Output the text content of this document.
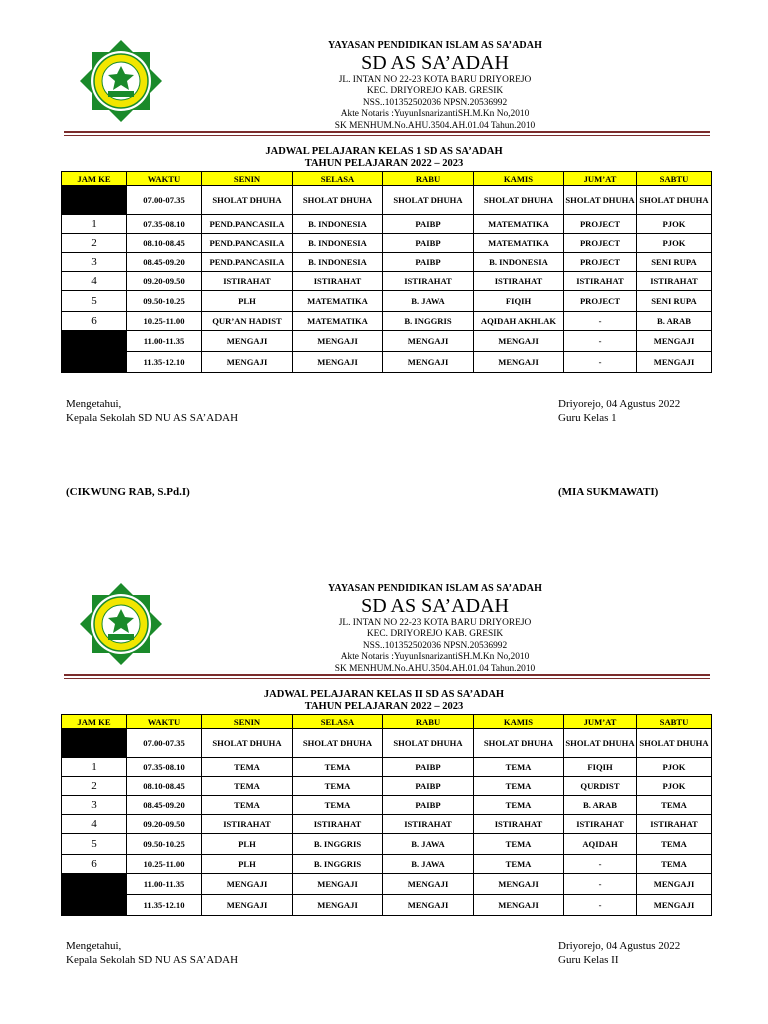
YAYASAN PENDIDIKAN ISLAM AS SA’ADAH
SD AS SA’ADAH
JL. INTAN NO 22-23 KOTA BARU DRIYOREJO
KEC. DRIYOREJO KAB. GRESIK
NSS..101352502036 NPSN.20536992
Akte Notaris :YuyunIsnarizantiSH.M.Kn No,2010
SK MENHUM.No.AHU.3504.AH.01.04 Tahun.2010
JADWAL PELAJARAN KELAS 1 SD AS SA’ADAH
TAHUN PELAJARAN 2022 – 2023
JAM KE	WAKTU	SENIN	SELASA	RABU	KAMIS	JUM’AT	SABTU
	07.00-07.35	SHOLAT DHUHA	SHOLAT DHUHA	SHOLAT DHUHA	SHOLAT DHUHA	SHOLAT DHUHA	SHOLAT DHUHA
1	07.35-08.10	PEND.PANCASILA	B. INDONESIA	PAIBP	MATEMATIKA	PROJECT	PJOK
2	08.10-08.45	PEND.PANCASILA	B. INDONESIA	PAIBP	MATEMATIKA	PROJECT	PJOK
3	08.45-09.20	PEND.PANCASILA	B. INDONESIA	PAIBP	B. INDONESIA	PROJECT	SENI RUPA
4	09.20-09.50	ISTIRAHAT	ISTIRAHAT	ISTIRAHAT	ISTIRAHAT	ISTIRAHAT	ISTIRAHAT
5	09.50-10.25	PLH	MATEMATIKA	B. JAWA	FIQIH	PROJECT	SENI RUPA
6	10.25-11.00	QUR’AN HADIST	MATEMATIKA	B. INGGRIS	AQIDAH AKHLAK	-	B. ARAB
	11.00-11.35	MENGAJI	MENGAJI	MENGAJI	MENGAJI	-	MENGAJI
	11.35-12.10	MENGAJI	MENGAJI	MENGAJI	MENGAJI	-	MENGAJI
Mengetahui,
Kepala Sekolah SD NU AS SA’ADAH
Driyorejo, 04 Agustus 2022
Guru Kelas 1
(CIKWUNG RAB, S.Pd.I)	(MIA SUKMAWATI)
YAYASAN PENDIDIKAN ISLAM AS SA’ADAH
SD AS SA’ADAH
JL. INTAN NO 22-23 KOTA BARU DRIYOREJO
KEC. DRIYOREJO KAB. GRESIK
NSS..101352502036 NPSN.20536992
Akte Notaris :YuyunIsnarizantiSH.M.Kn No,2010
SK MENHUM.No.AHU.3504.AH.01.04 Tahun.2010
JADWAL PELAJARAN KELAS II SD AS SA’ADAH
TAHUN PELAJARAN 2022 – 2023
JAM KE	WAKTU	SENIN	SELASA	RABU	KAMIS	JUM’AT	SABTU
	07.00-07.35	SHOLAT DHUHA	SHOLAT DHUHA	SHOLAT DHUHA	SHOLAT DHUHA	SHOLAT DHUHA	SHOLAT DHUHA
1	07.35-08.10	TEMA	TEMA	PAIBP	TEMA	FIQIH	PJOK
2	08.10-08.45	TEMA	TEMA	PAIBP	TEMA	QURDIST	PJOK
3	08.45-09.20	TEMA	TEMA	PAIBP	TEMA	B. ARAB	TEMA
4	09.20-09.50	ISTIRAHAT	ISTIRAHAT	ISTIRAHAT	ISTIRAHAT	ISTIRAHAT	ISTIRAHAT
5	09.50-10.25	PLH	B. INGGRIS	B. JAWA	TEMA	AQIDAH	TEMA
6	10.25-11.00	PLH	B. INGGRIS	B. JAWA	TEMA	-	TEMA
	11.00-11.35	MENGAJI	MENGAJI	MENGAJI	MENGAJI	-	MENGAJI
	11.35-12.10	MENGAJI	MENGAJI	MENGAJI	MENGAJI	-	MENGAJI
Mengetahui,
Kepala Sekolah SD NU AS SA’ADAH
Driyorejo, 04 Agustus 2022
Guru Kelas II
